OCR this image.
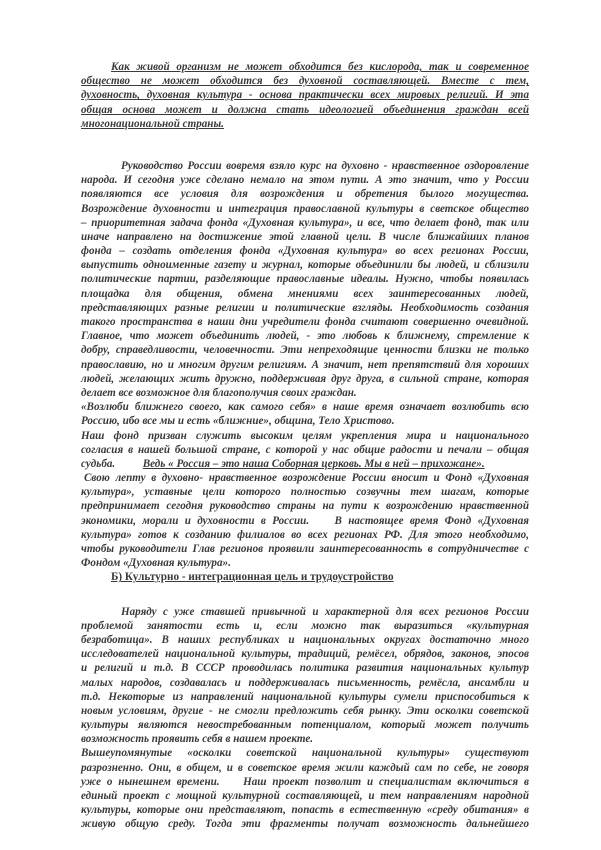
Как живой организм не может обходится без кислорода, так и современное
общество не может обходится без духовной составляющей. Вместе с тем,
духовность, духовная культура - основа практически всех мировых религий. И эта
общая основа может и должна стать идеологией объединения граждан всей
многонациональной страны.
Руководство России вовремя взяло курс на духовно - нравственное оздоровление
народа. И сегодня уже сделано немало на этом пути. А это значит, что у России
появляются все условия для возрождения и обретения былого могущества.
Возрождение духовности и интеграция православной культуры в светское общество
– приоритетная задача фонда «Духовная культура», и все, что делает фонд, так или
иначе направлено на достижение этой главной цели. В числе ближайших планов
фонда – создать отделения фонда «Духовная культура» во всех регионах России,
выпустить одноименные газету и журнал, которые объединили бы людей, и сблизили
политические партии, разделяющие православные идеалы. Нужно, чтобы появилась
площадка для общения, обмена мнениями всех заинтересованных людей,
представляющих разные религии и политические взгляды. Необходимость создания
такого пространства в наши дни учредители фонда считают совершенно очевидной.
Главное, что может объединить людей, - это любовь к ближнему, стремление к
добру, справедливости, человечности. Эти непреходящие ценности близки не только
православию, но и многим другим религиям. А значит, нет препятствий для хороших
людей, желающих жить дружно, поддерживая друг друга, в сильной стране, которая
делает все возможное для благополучия своих граждан.
«Возлюби ближнего своего, как самого себя» в наше время означает возлюбить всю
Россию, ибо все мы и есть «ближние», община, Тело Христово.
Наш фонд призван служить высоким целям укрепления мира и национального
согласия в нашей большой стране, с которой у нас общие радости и печали – общая
судьба. Ведь « Россия – это наша Соборная церковь. Мы в ней – прихожане».
Свою лепту в духовно- нравственное возрождение России вносит и Фонд «Духовная
культура», уставные цели которого полностью созвучны тем шагам, которые
предпринимает сегодня руководство страны на пути к возрождению нравственной
экономики, морали и духовности в России.    В настоящее время Фонд «Духовная
культура» готов к созданию филиалов во всех регионах РФ. Для этого необходимо,
чтобы руководители Глав регионов проявили заинтересованность в сотрудничестве с
Фондом «Духовная культура».
Б) Культурно - интеграционная цель и трудоустройство
Наряду с уже ставшей привычной и характерной для всех регионов России
проблемой занятости есть и, если можно так выразиться «культурная
безработица». В наших республиках и национальных округах достаточно много
исследователей национальной культуры, традиций, ремёсел, обрядов, законов, эпосов
и религий и т.д. В СССР проводилась политика развития национальных культур
малых народов, создавалась и поддерживалась письменность, ремёсла, ансамбли и
т.д. Некоторые из направлений национальной культуры сумели приспособиться к
новым условиям, другие - не смогли предложить себя рынку. Эти осколки советской
культуры являются невостребованным потенциалом, который может получить
возможность проявить себя в нашем проекте.
Вышеупомянутые «осколки советской национальной культуры» существуют
разрозненно. Они, в общем, и в советское время жили каждый сам по себе, не говоря
уже о нынешнем времени.    Наш проект позволит и специалистам включиться в
единый проект с мощной культурной составляющей, и тем направлениям народной
культуры, которые они представляют, попасть в естественную «среду обитания» в
живую общую среду. Тогда эти фрагменты получат возможность дальнейшего
